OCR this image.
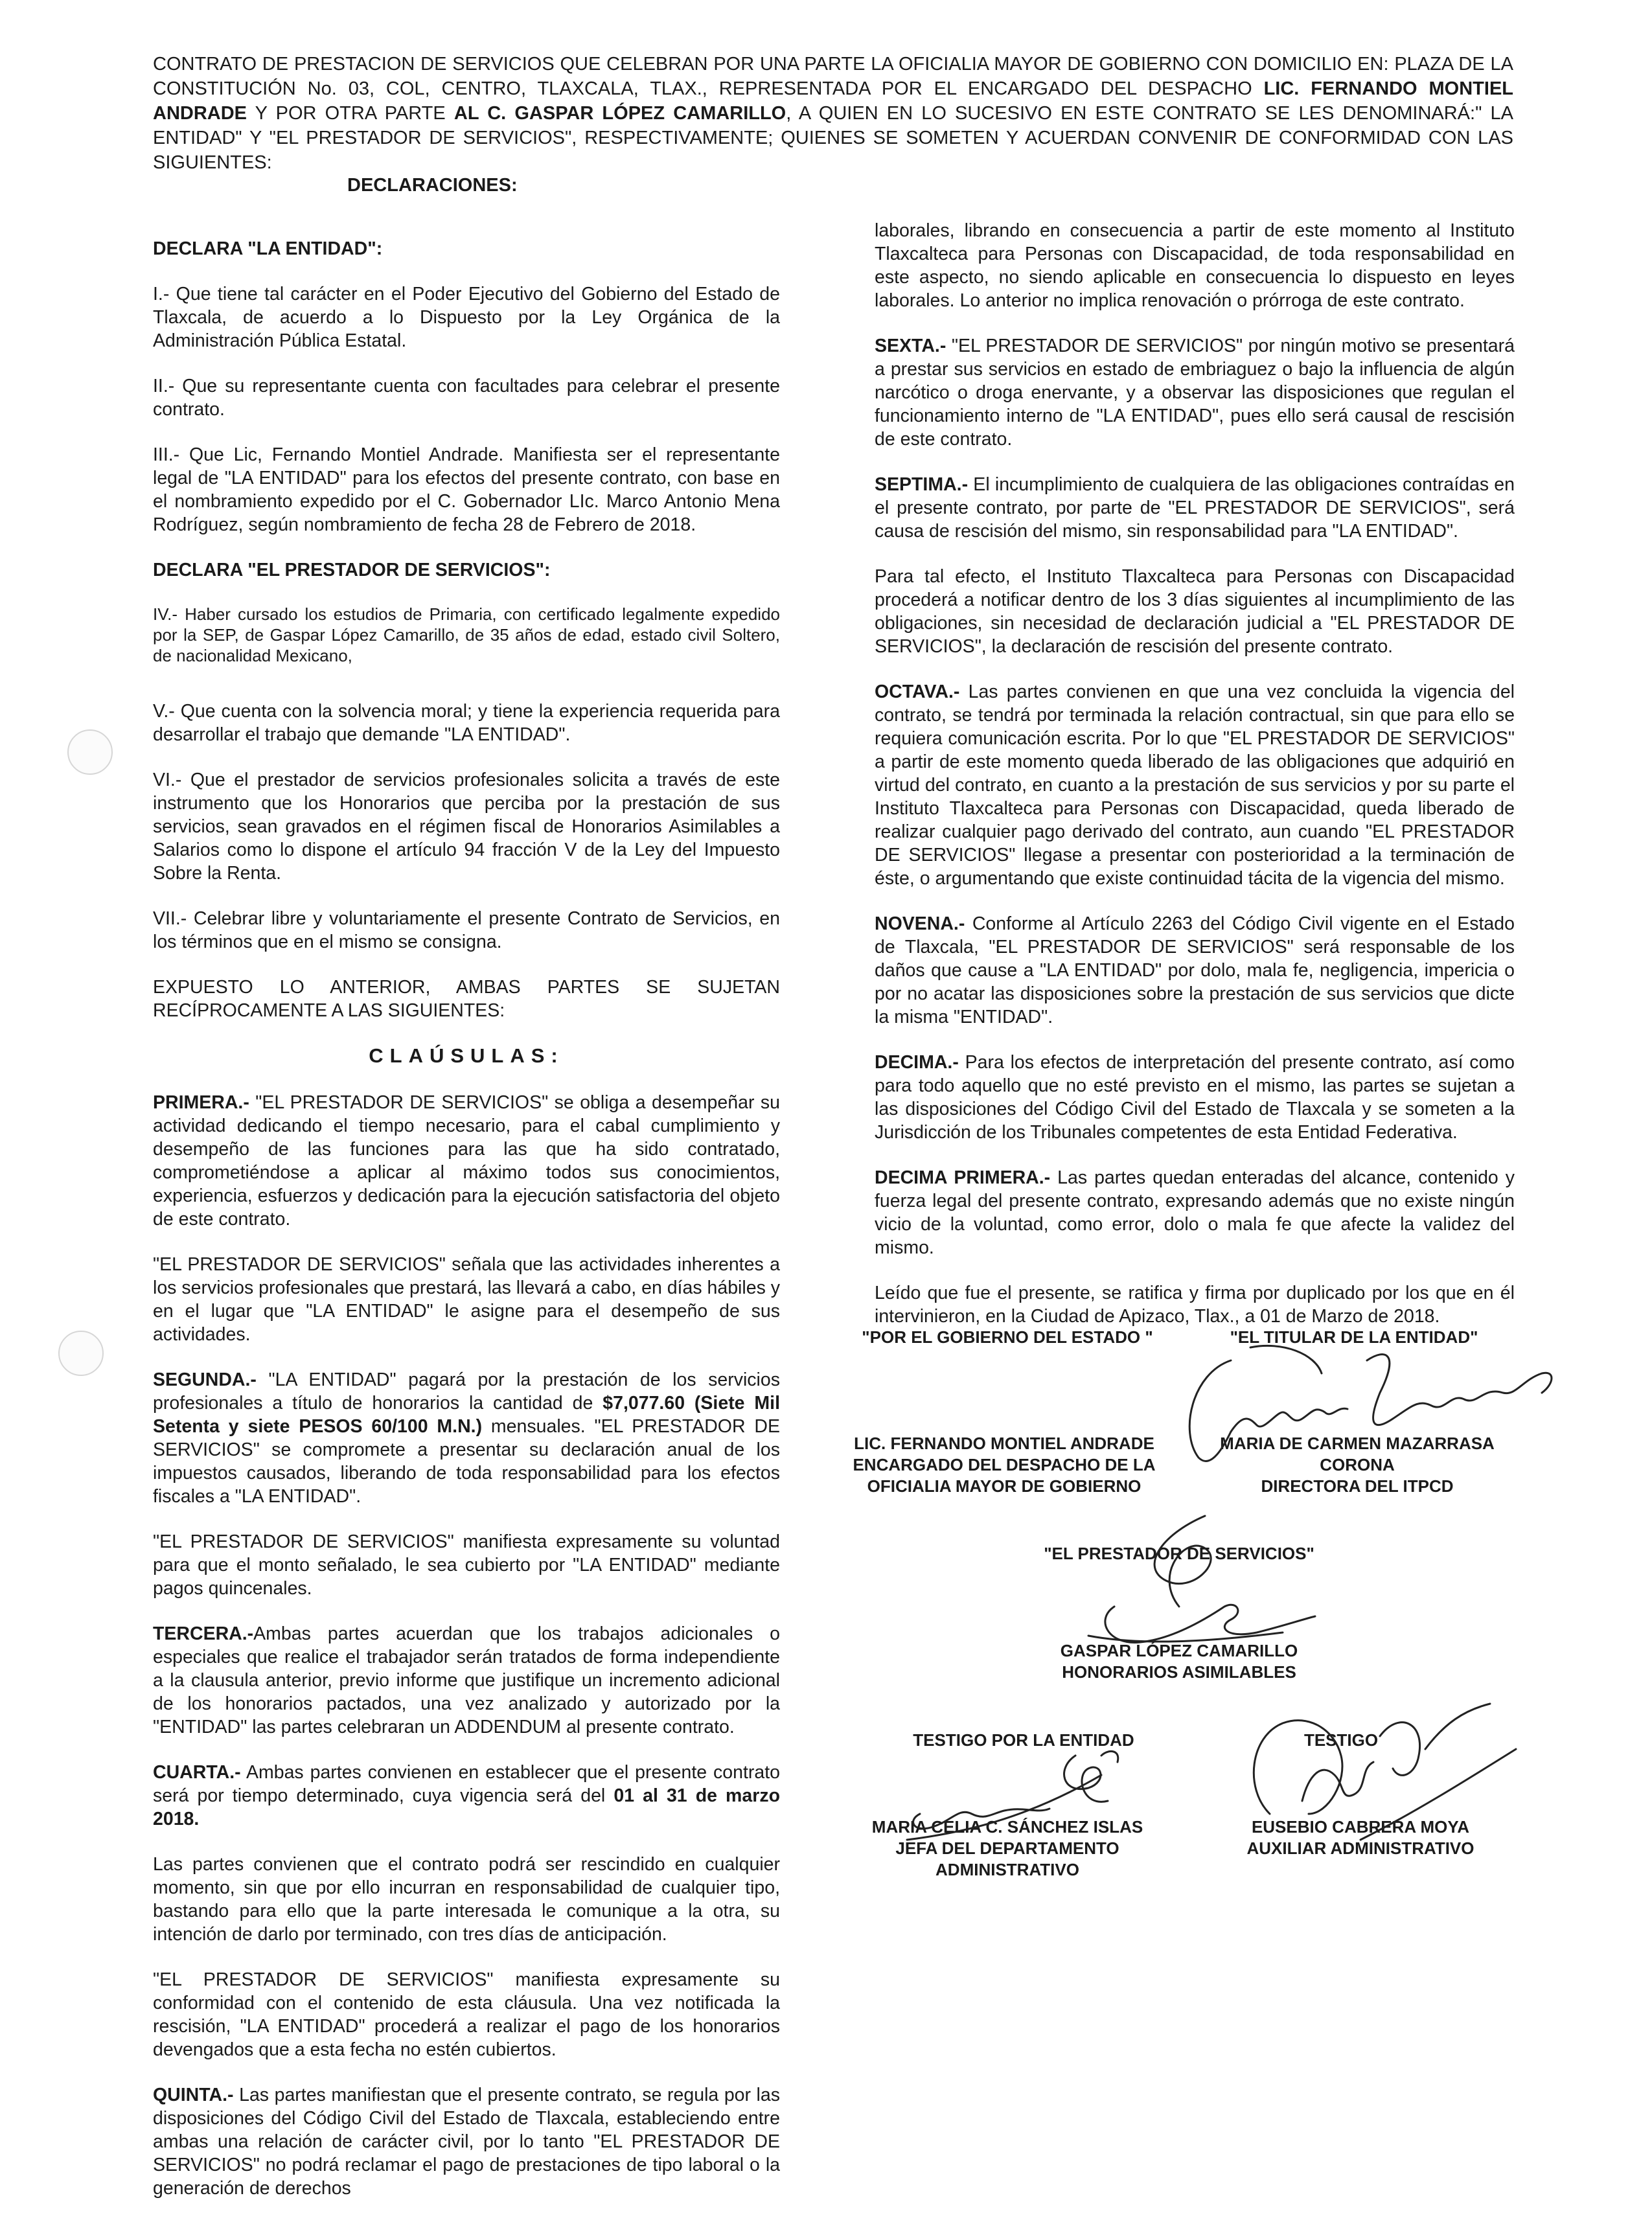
CONTRATO DE PRESTACION DE SERVICIOS QUE CELEBRAN POR UNA PARTE LA OFICIALIA MAYOR DE GOBIERNO CON DOMICILIO EN: PLAZA DE LA CONSTITUCIÓN No. 03, COL, CENTRO, TLAXCALA, TLAX., REPRESENTADA POR EL ENCARGADO DEL DESPACHO LIC. FERNANDO MONTIEL ANDRADE Y POR OTRA PARTE AL C. GASPAR LÓPEZ CAMARILLO, A QUIEN EN LO SUCESIVO EN ESTE CONTRATO SE LES DENOMINARÁ:" LA ENTIDAD" Y "EL PRESTADOR DE SERVICIOS", RESPECTIVAMENTE; QUIENES SE SOMETEN Y ACUERDAN CONVENIR DE CONFORMIDAD CON LAS SIGUIENTES:
DECLARACIONES:
DECLARA "LA ENTIDAD":

I.- Que tiene tal carácter en el Poder Ejecutivo del Gobierno del Estado de Tlaxcala, de acuerdo a lo Dispuesto por la Ley Orgánica de la Administración Pública Estatal.

II.- Que su representante cuenta con facultades para celebrar el presente contrato.

III.- Que Lic, Fernando Montiel Andrade. Manifiesta ser el representante legal de "LA ENTIDAD" para los efectos del presente contrato, con base en el nombramiento expedido por el C. Gobernador LIc. Marco Antonio Mena Rodríguez, según nombramiento de fecha 28 de Febrero de 2018.

DECLARA "EL PRESTADOR DE SERVICIOS":

IV.- Haber cursado los estudios de Primaria, con certificado legalmente expedido por la SEP, de Gaspar López Camarillo, de 35 años de edad, estado civil Soltero, de nacionalidad Mexicano,

V.- Que cuenta con la solvencia moral; y tiene la experiencia requerida para desarrollar el trabajo que demande "LA ENTIDAD".

VI.- Que el prestador de servicios profesionales solicita a través de este instrumento que los Honorarios que perciba por la prestación de sus servicios, sean gravados en el régimen fiscal de Honorarios Asimilables a Salarios como lo dispone el artículo 94 fracción V de la Ley del Impuesto Sobre la Renta.

VII.- Celebrar libre y voluntariamente el presente Contrato de Servicios, en los términos que en el mismo se consigna.

EXPUESTO LO ANTERIOR, AMBAS PARTES SE SUJETAN RECÍPROCAMENTE A LAS SIGUIENTES:

CLAÚSULAS:

PRIMERA.- "EL PRESTADOR DE SERVICIOS" se obliga a desempeñar su actividad dedicando el tiempo necesario, para el cabal cumplimiento y desempeño de las funciones para las que ha sido contratado, comprometiéndose a aplicar al máximo todos sus conocimientos, experiencia, esfuerzos y dedicación para la ejecución satisfactoria del objeto de este contrato.

"EL PRESTADOR DE SERVICIOS" señala que las actividades inherentes a los servicios profesionales que prestará, las llevará a cabo, en días hábiles y en el lugar que "LA ENTIDAD" le asigne para el desempeño de sus actividades.

SEGUNDA.- "LA ENTIDAD" pagará por la prestación de los servicios profesionales a título de honorarios la cantidad de $7,077.60 (Siete Mil Setenta y siete PESOS 60/100 M.N.) mensuales. "EL PRESTADOR DE SERVICIOS" se compromete a presentar su declaración anual de los impuestos causados, liberando de toda responsabilidad para los efectos fiscales a "LA ENTIDAD".

"EL PRESTADOR DE SERVICIOS" manifiesta expresamente su voluntad para que el monto señalado, le sea cubierto por "LA ENTIDAD" mediante pagos quincenales.

TERCERA.-Ambas partes acuerdan que los trabajos adicionales o especiales que realice el trabajador serán tratados de forma independiente a la clausula anterior, previo informe que justifique un incremento adicional de los honorarios pactados, una vez analizado y autorizado por la "ENTIDAD" las partes celebraran un ADDENDUM al presente contrato.

CUARTA.- Ambas partes convienen en establecer que el presente contrato será por tiempo determinado, cuya vigencia será del 01 al 31 de marzo 2018.

Las partes convienen que el contrato podrá ser rescindido en cualquier momento, sin que por ello incurran en responsabilidad de cualquier tipo, bastando para ello que la parte interesada le comunique a la otra, su intención de darlo por terminado, con tres días de anticipación.

"EL PRESTADOR DE SERVICIOS" manifiesta expresamente su conformidad con el contenido de esta cláusula. Una vez notificada la rescisión, "LA ENTIDAD" procederá a realizar el pago de los honorarios devengados que a esta fecha no estén cubiertos.

QUINTA.- Las partes manifiestan que el presente contrato, se regula por las disposiciones del Código Civil del Estado de Tlaxcala, estableciendo entre ambas una relación de carácter civil, por lo tanto "EL PRESTADOR DE SERVICIOS" no podrá reclamar el pago de prestaciones de tipo laboral o la generación de derechos

laborales, librando en consecuencia a partir de este momento al Instituto Tlaxcalteca para Personas con Discapacidad, de toda responsabilidad en este aspecto, no siendo aplicable en consecuencia lo dispuesto en leyes laborales. Lo anterior no implica renovación o prórroga de este contrato.

SEXTA.- "EL PRESTADOR DE SERVICIOS" por ningún motivo se presentará a prestar sus servicios en estado de embriaguez o bajo la influencia de algún narcótico o droga enervante, y a observar las disposiciones que regulan el funcionamiento interno de "LA ENTIDAD", pues ello será causal de rescisión de este contrato.

SEPTIMA.- El incumplimiento de cualquiera de las obligaciones contraídas en el presente contrato, por parte de "EL PRESTADOR DE SERVICIOS", será causa de rescisión del mismo, sin responsabilidad para "LA ENTIDAD".

Para tal efecto, el Instituto Tlaxcalteca para Personas con Discapacidad procederá a notificar dentro de los 3 días siguientes al incumplimiento de las obligaciones, sin necesidad de declaración judicial a "EL PRESTADOR DE SERVICIOS", la declaración de rescisión del presente contrato.

OCTAVA.- Las partes convienen en que una vez concluida la vigencia del contrato, se tendrá por terminada la relación contractual, sin que para ello se requiera comunicación escrita. Por lo que "EL PRESTADOR DE SERVICIOS" a partir de este momento queda liberado de las obligaciones que adquirió en virtud del contrato, en cuanto a la prestación de sus servicios y por su parte el Instituto Tlaxcalteca para Personas con Discapacidad, queda liberado de realizar cualquier pago derivado del contrato, aun cuando "EL PRESTADOR DE SERVICIOS" llegase a presentar con posterioridad a la terminación de éste, o argumentando que existe continuidad tácita de la vigencia del mismo.

NOVENA.- Conforme al Artículo 2263 del Código Civil vigente en el Estado de Tlaxcala, "EL PRESTADOR DE SERVICIOS" será responsable de los daños que cause a "LA ENTIDAD" por dolo, mala fe, negligencia, impericia o por no acatar las disposiciones sobre la prestación de sus servicios que dicte la misma "ENTIDAD".

DECIMA.- Para los efectos de interpretación del presente contrato, así como para todo aquello que no esté previsto en el mismo, las partes se sujetan a las disposiciones del Código Civil del Estado de Tlaxcala y se someten a la Jurisdicción de los Tribunales competentes de esta Entidad Federativa.

DECIMA PRIMERA.- Las partes quedan enteradas del alcance, contenido y fuerza legal del presente contrato, expresando además que no existe ningún vicio de la voluntad, como error, dolo o mala fe que afecte la validez del mismo.

Leído que fue el presente, se ratifica y firma por duplicado por los que en él intervinieron, en la Ciudad de Apizaco, Tlax., a 01 de Marzo de 2018.

"POR EL GOBIERNO DEL ESTADO "	"EL TITULAR DE LA ENTIDAD"
LIC. FERNANDO MONTIEL ANDRADE
ENCARGADO DEL DESPACHO DE LA
OFICIALIA MAYOR DE GOBIERNO
MARIA DE CARMEN MAZARRASA
CORONA
DIRECTORA DEL ITPCD
"EL PRESTADOR DE SERVICIOS"
GASPAR LÓPEZ CAMARILLO
HONORARIOS ASIMILABLES
TESTIGO POR LA ENTIDAD	TESTIGO
MARIA CELIA C. SÁNCHEZ ISLAS
JEFA DEL DEPARTAMENTO
ADMINISTRATIVO
EUSEBIO CABRERA MOYA
AUXILIAR ADMINISTRATIVO
